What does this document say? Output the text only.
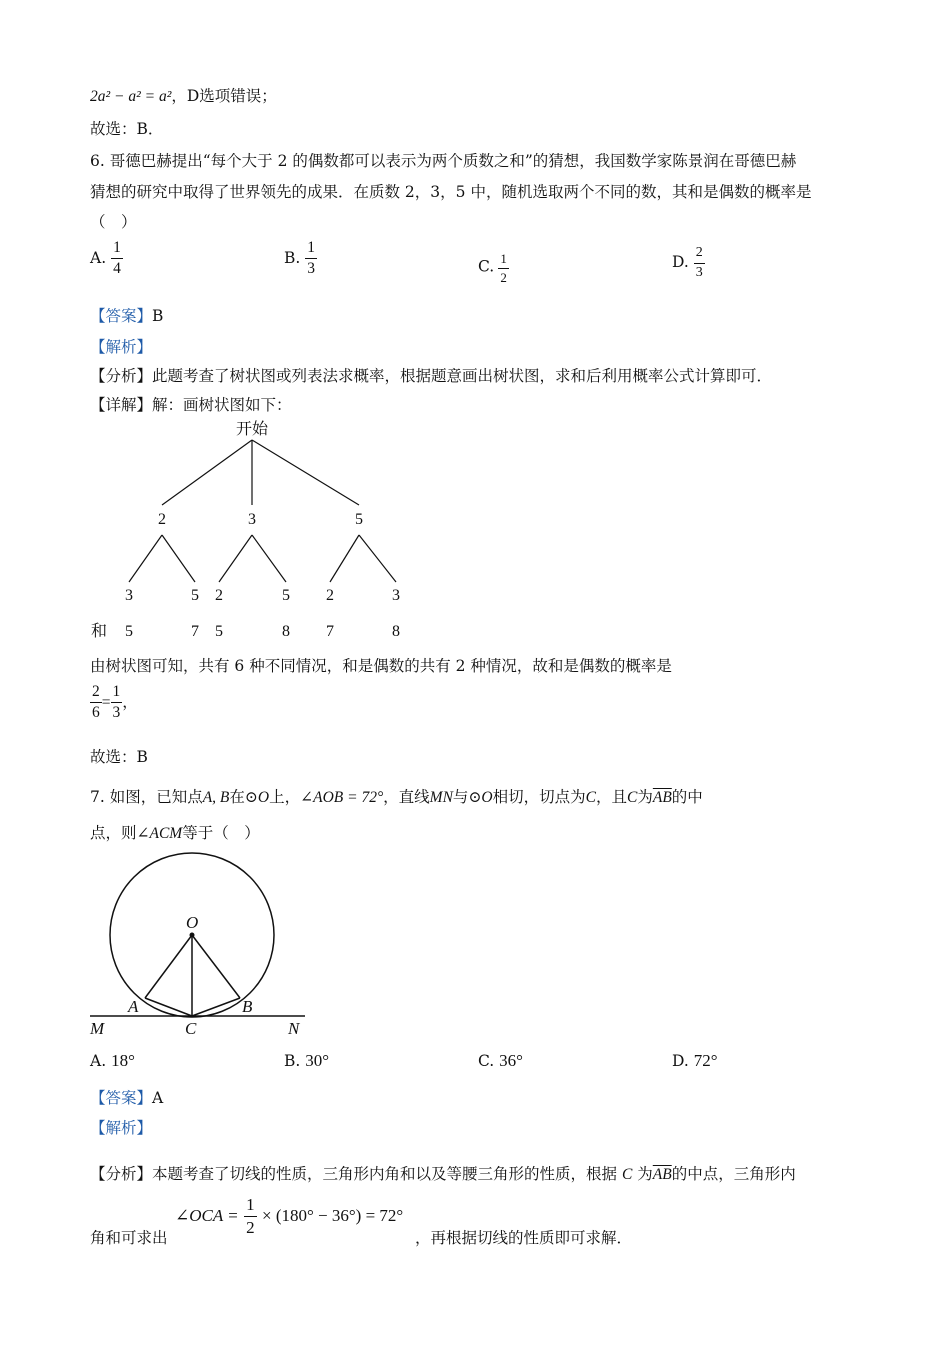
2a² − a² = a²，D选项错误；
故选：B．
6. 哥德巴赫提出“每个大于 2 的偶数都可以表示为两个质数之和”的猜想，我国数学家陈景润在哥德巴赫
猜想的研究中取得了世界领先的成果．在质数 2，3，5 中，随机选取两个不同的数，其和是偶数的概率是
（　）
A. $\frac{1}{4}$	B. $\frac{1}{3}$	C. $\frac{1}{2}$	D. $\frac{2}{3}$
【答案】B
【解析】
【分析】此题考查了树状图或列表法求概率，根据题意画出树状图，求和后利用概率公式计算即可．
【详解】解：画树状图如下：
开始
2	3	5
3	5 2	5 2	3
和 5	7 5	8 7	8
由树状图可知，共有 6 种不同情况，和是偶数的共有 2 种情况，故和是偶数的概率是
$\frac{2}{6} = \frac{1}{3}$ ，
故选：B
7. 如图，已知点A, B在⊙O上，∠AOB = 72°，直线MN与⊙O相切，切点为C，且C为$\overline{AB}$的中
点，则∠ACM等于（　）
O
A	B
C
M	N
A. 18°	B. 30°	C. 36°	D. 72°
【答案】A
【解析】
【分析】本题考查了切线的性质，三角形内角和以及等腰三角形的性质，根据 C 为$\overline{AB}$的中点，三角形内
角和可求出
∠OCA = $\frac{1}{2} \times (180^\circ - 36^\circ) = 72^\circ$
，再根据切线的性质即可求解．
